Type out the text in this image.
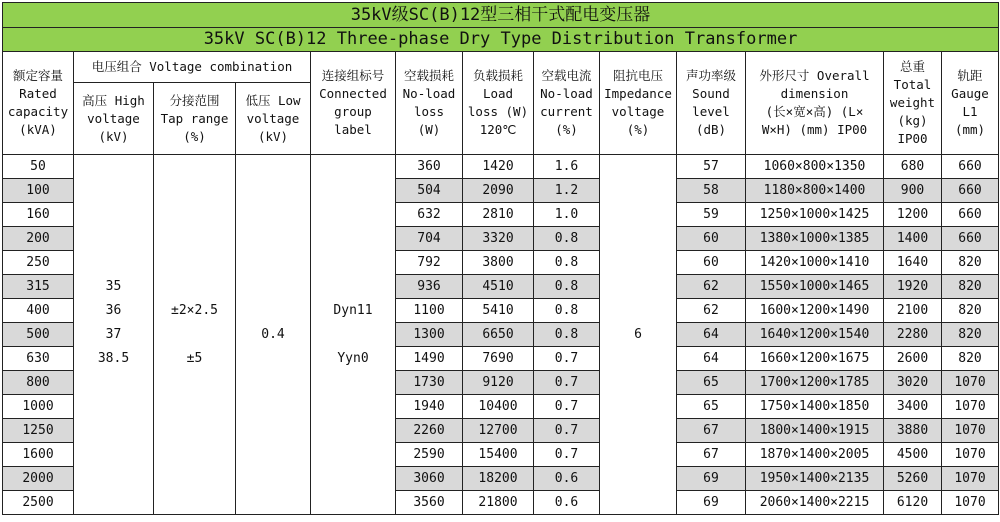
35kV级SC(B)12型三相干式配电变压器												
35kV SC(B)12 Three-phase Dry Type Distribution Transformer												

额定容量
Rated
capacity
(kVA)	电压组合 Voltage combination			连接组标号
Connected
group
label	空载损耗
No-load
loss
(W)	负载损耗
Load
loss (W)
120℃	空载电流
No-load
current
(%)	阻抗电压
Impedance
voltage
(%)	声功率级
Sound
level
(dB)	外形尺寸 Overall
dimension
(长×宽×高) (L×
W×H) (mm) IP00	总重
Total
weight
(kg)
IP00	轨距
Gauge
L1
(mm)

	高压 High
voltage
(kV)	分接范围
Tap range
(%)	低压 Low
voltage
(kV)									

50					360	1420	1.6		57	1060×800×1350	680	660
100					504	2090	1.2		58	1180×800×1400	900	660
160					632	2810	1.0		59	1250×1000×1425	1200	660
200					704	3320	0.8		60	1380×1000×1385	1400	660
250					792	3800	0.8		60	1420×1000×1410	1640	820
315	35				936	4510	0.8		62	1550×1000×1465	1920	820
400	36	±2×2.5		Dyn11	1100	5410	0.8		62	1600×1200×1490	2100	820
500	37		0.4		1300	6650	0.8	6	64	1640×1200×1540	2280	820
630	38.5	±5		Yyn0	1490	7690	0.7		64	1660×1200×1675	2600	820
800					1730	9120	0.7		65	1700×1200×1785	3020	1070
1000					1940	10400	0.7		65	1750×1400×1850	3400	1070
1250					2260	12700	0.7		67	1800×1400×1915	3880	1070
1600					2590	15400	0.7		67	1870×1400×2005	4500	1070
2000					3060	18200	0.6		69	1950×1400×2135	5260	1070
2500					3560	21800	0.6		69	2060×1400×2215	6120	1070
